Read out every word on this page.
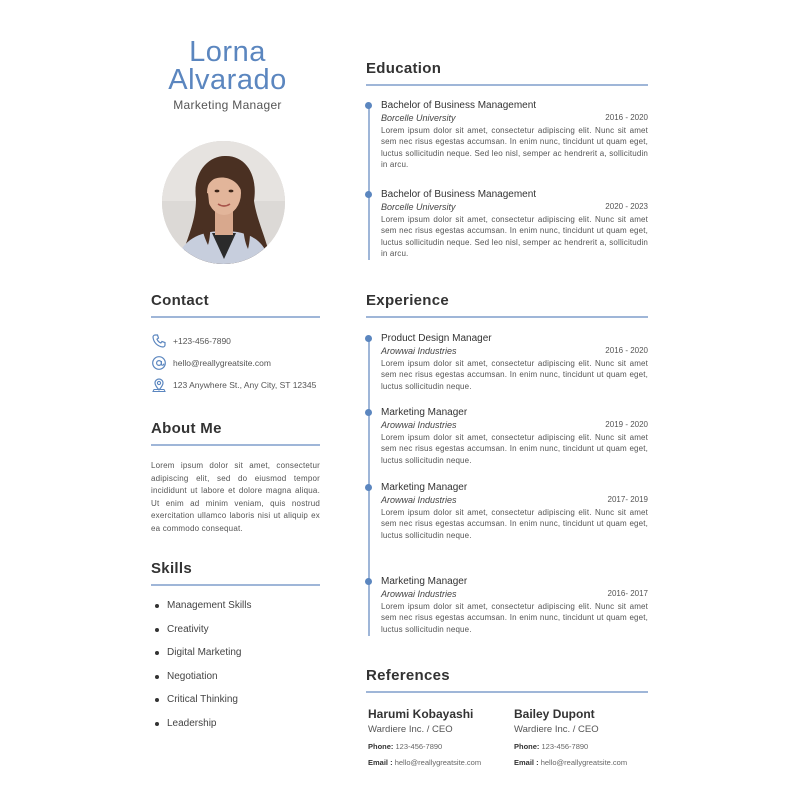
Lorna
Alvarado
Marketing Manager
Contact
+123-456-7890
hello@reallygreatsite.com
123 Anywhere St., Any City, ST 12345
About Me
Lorem ipsum dolor sit amet, consectetur adipiscing elit, sed do eiusmod tempor incididunt ut labore et dolore magna aliqua. Ut enim ad minim veniam, quis nostrud exercitation ullamco laboris nisi ut aliquip ex ea commodo consequat.
Skills
Management Skills
Creativity
Digital Marketing
Negotiation
Critical Thinking
Leadership
Education
Bachelor of Business Management
Borcelle University	2016 - 2020
Lorem ipsum dolor sit amet, consectetur adipiscing elit. Nunc sit amet sem nec risus egestas accumsan. In enim nunc, tincidunt ut quam eget, luctus sollicitudin neque. Sed leo nisl, semper ac hendrerit a, sollicitudin in arcu.
Bachelor of Business Management
Borcelle University	2020 - 2023
Lorem ipsum dolor sit amet, consectetur adipiscing elit. Nunc sit amet sem nec risus egestas accumsan. In enim nunc, tincidunt ut quam eget, luctus sollicitudin neque. Sed leo nisl, semper ac hendrerit a, sollicitudin in arcu.
Experience
Product Design Manager
Arowwai Industries	2016 - 2020
Lorem ipsum dolor sit amet, consectetur adipiscing elit. Nunc sit amet sem nec risus egestas accumsan. In enim nunc, tincidunt ut quam eget, luctus sollicitudin neque.
Marketing Manager
Arowwai Industries	2019 - 2020
Lorem ipsum dolor sit amet, consectetur adipiscing elit. Nunc sit amet sem nec risus egestas accumsan. In enim nunc, tincidunt ut quam eget, luctus sollicitudin neque.
Marketing Manager
Arowwai Industries	2017- 2019
Lorem ipsum dolor sit amet, consectetur adipiscing elit. Nunc sit amet sem nec risus egestas accumsan. In enim nunc, tincidunt ut quam eget, luctus sollicitudin neque.
Marketing Manager
Arowwai Industries	2016- 2017
Lorem ipsum dolor sit amet, consectetur adipiscing elit. Nunc sit amet sem nec risus egestas accumsan. In enim nunc, tincidunt ut quam eget, luctus sollicitudin neque.
References
Harumi Kobayashi
Wardiere Inc. / CEO
Phone: 123-456-7890
Email : hello@reallygreatsite.com
Bailey Dupont
Wardiere Inc. / CEO
Phone: 123-456-7890
Email : hello@reallygreatsite.com
